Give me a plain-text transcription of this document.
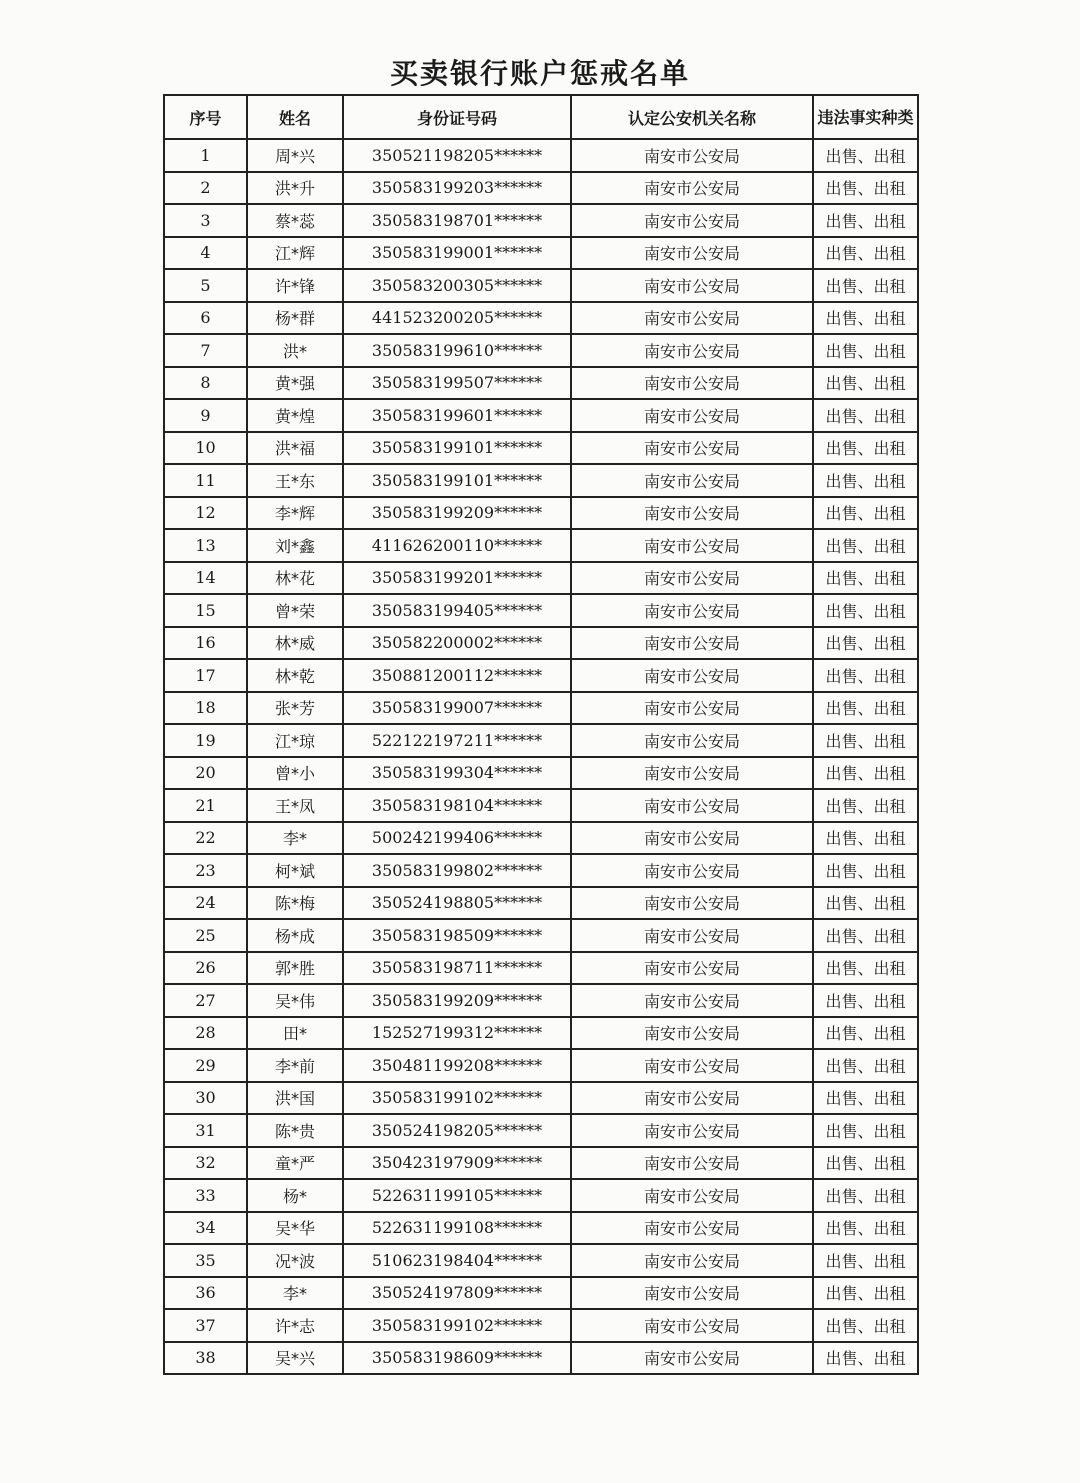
买卖银行账户惩戒名单
序号	姓名	身份证号码	认定公安机关名称	违法事实种类
1	周*兴	350521198205******	南安市公安局	出售、出租
2	洪*升	350583199203******	南安市公安局	出售、出租
3	蔡*蕊	350583198701******	南安市公安局	出售、出租
4	江*辉	350583199001******	南安市公安局	出售、出租
5	许*锋	350583200305******	南安市公安局	出售、出租
6	杨*群	441523200205******	南安市公安局	出售、出租
7	洪*	350583199610******	南安市公安局	出售、出租
8	黄*强	350583199507******	南安市公安局	出售、出租
9	黄*煌	350583199601******	南安市公安局	出售、出租
10	洪*福	350583199101******	南安市公安局	出售、出租
11	王*东	350583199101******	南安市公安局	出售、出租
12	李*辉	350583199209******	南安市公安局	出售、出租
13	刘*鑫	411626200110******	南安市公安局	出售、出租
14	林*花	350583199201******	南安市公安局	出售、出租
15	曾*荣	350583199405******	南安市公安局	出售、出租
16	林*威	350582200002******	南安市公安局	出售、出租
17	林*乾	350881200112******	南安市公安局	出售、出租
18	张*芳	350583199007******	南安市公安局	出售、出租
19	江*琼	522122197211******	南安市公安局	出售、出租
20	曾*小	350583199304******	南安市公安局	出售、出租
21	王*凤	350583198104******	南安市公安局	出售、出租
22	李*	500242199406******	南安市公安局	出售、出租
23	柯*斌	350583199802******	南安市公安局	出售、出租
24	陈*梅	350524198805******	南安市公安局	出售、出租
25	杨*成	350583198509******	南安市公安局	出售、出租
26	郭*胜	350583198711******	南安市公安局	出售、出租
27	吴*伟	350583199209******	南安市公安局	出售、出租
28	田*	152527199312******	南安市公安局	出售、出租
29	李*前	350481199208******	南安市公安局	出售、出租
30	洪*国	350583199102******	南安市公安局	出售、出租
31	陈*贵	350524198205******	南安市公安局	出售、出租
32	童*严	350423197909******	南安市公安局	出售、出租
33	杨*	522631199105******	南安市公安局	出售、出租
34	吴*华	522631199108******	南安市公安局	出售、出租
35	况*波	510623198404******	南安市公安局	出售、出租
36	李*	350524197809******	南安市公安局	出售、出租
37	许*志	350583199102******	南安市公安局	出售、出租
38	吴*兴	350583198609******	南安市公安局	出售、出租
